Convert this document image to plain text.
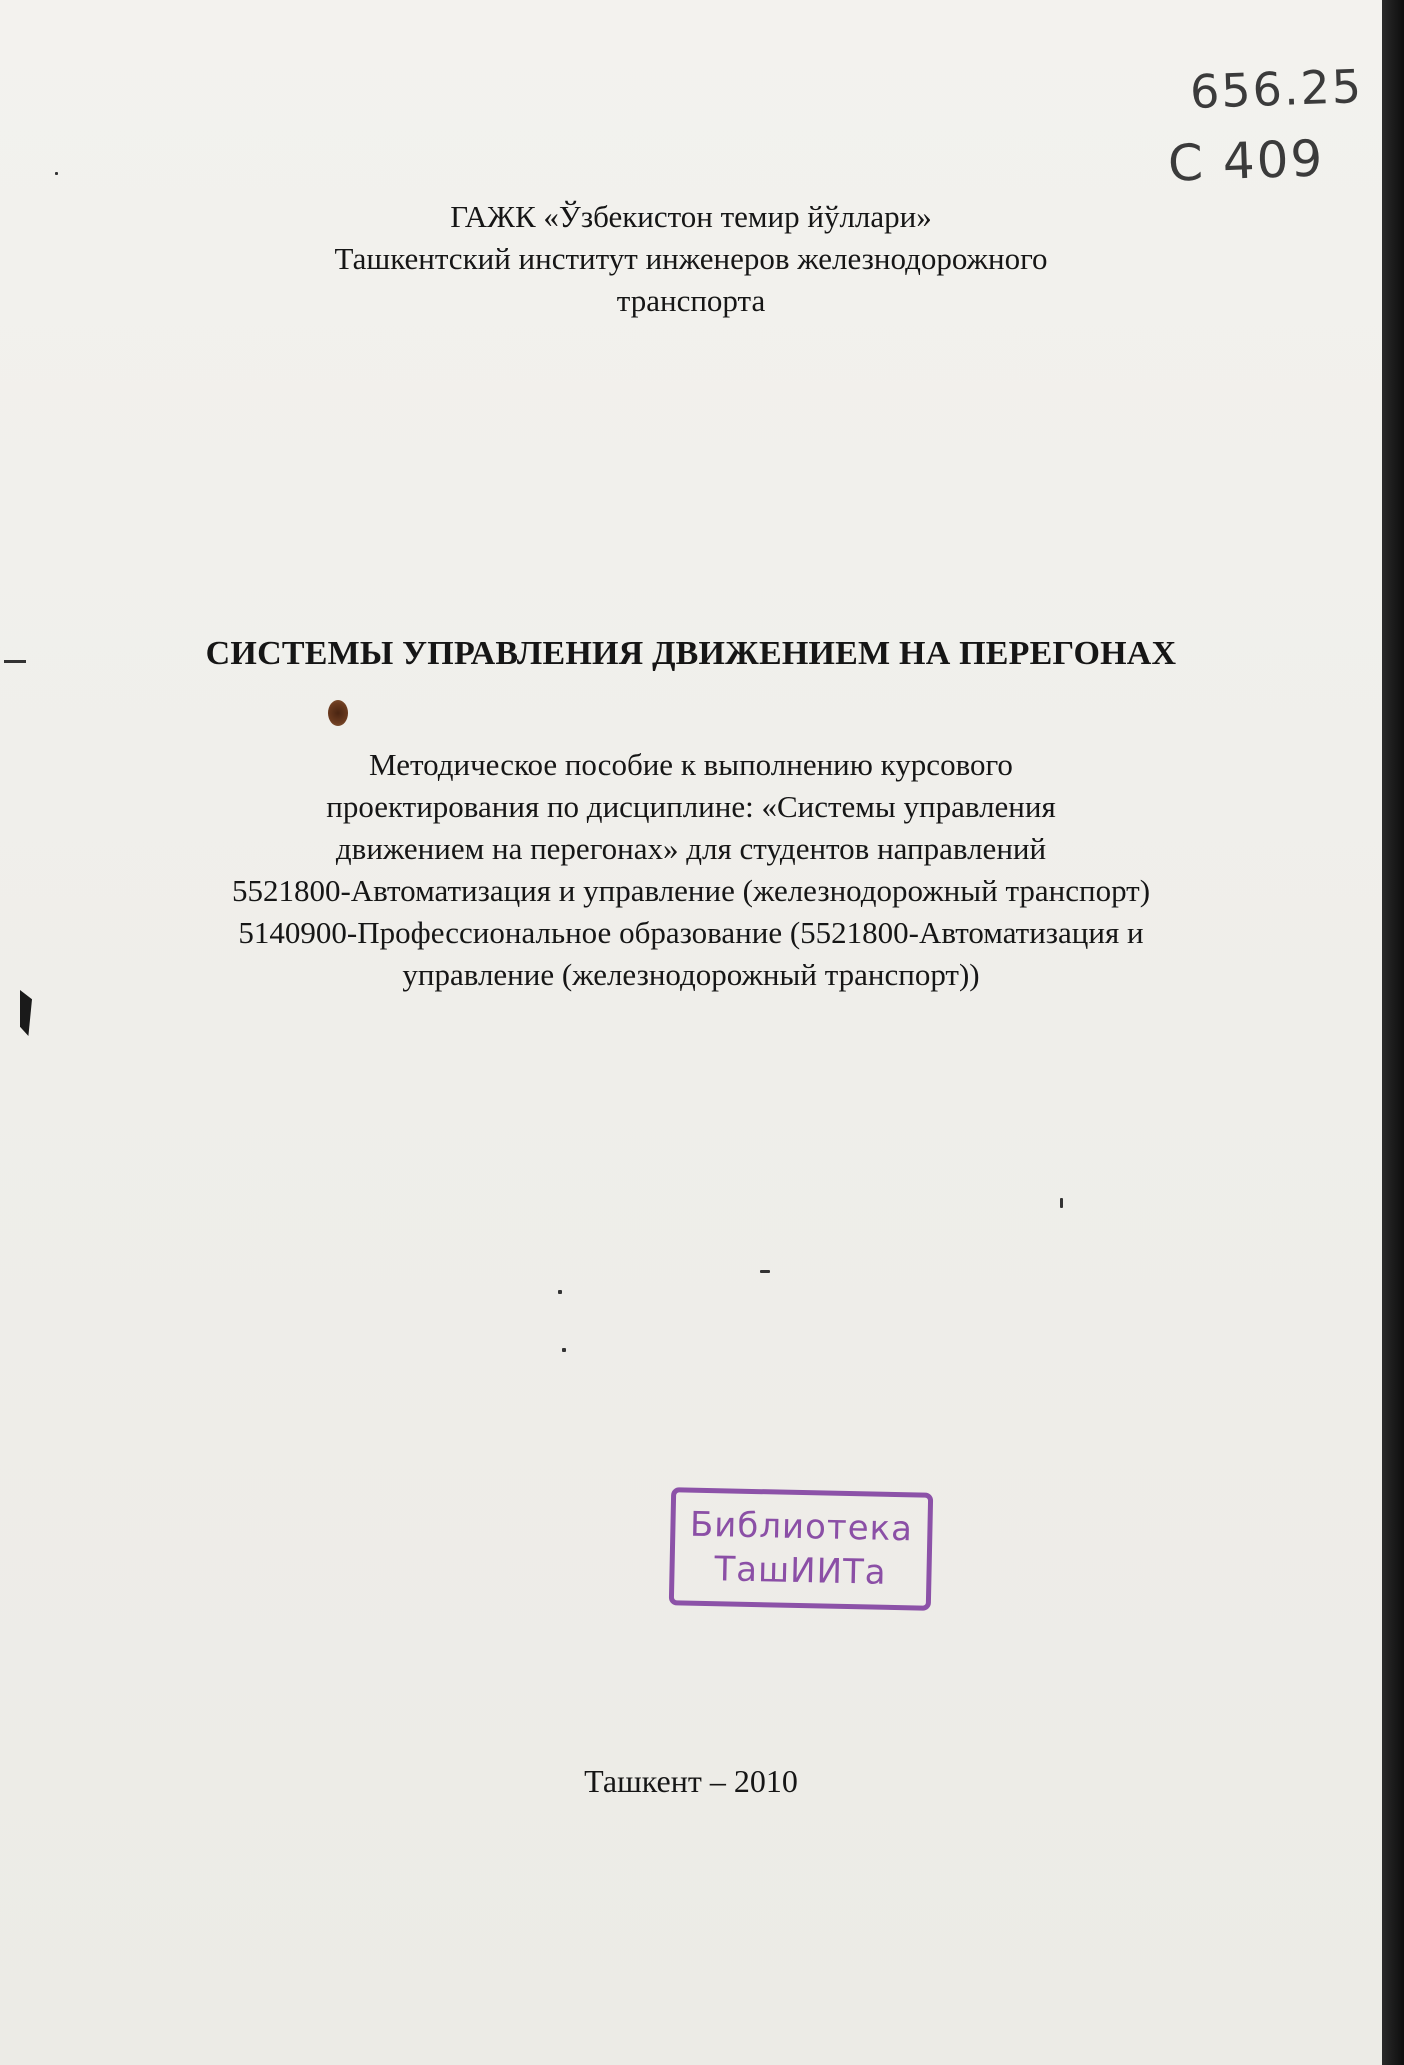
656.25
С 409
ГАЖК «Ўзбекистон темир йўллари»
Ташкентский институт инженеров железнодорожного
транспорта
СИСТЕМЫ УПРАВЛЕНИЯ ДВИЖЕНИЕМ НА ПЕРЕГОНАХ
Методическое пособие к выполнению курсового
проектирования по дисциплине: «Системы управления
движением на перегонах» для студентов направлений
5521800-Автоматизация и управление (железнодорожный транспорт)
5140900-Профессиональное образование (5521800-Автоматизация и
управление (железнодорожный транспорт))
Библиотека
ТашИИТа
Ташкент – 2010
